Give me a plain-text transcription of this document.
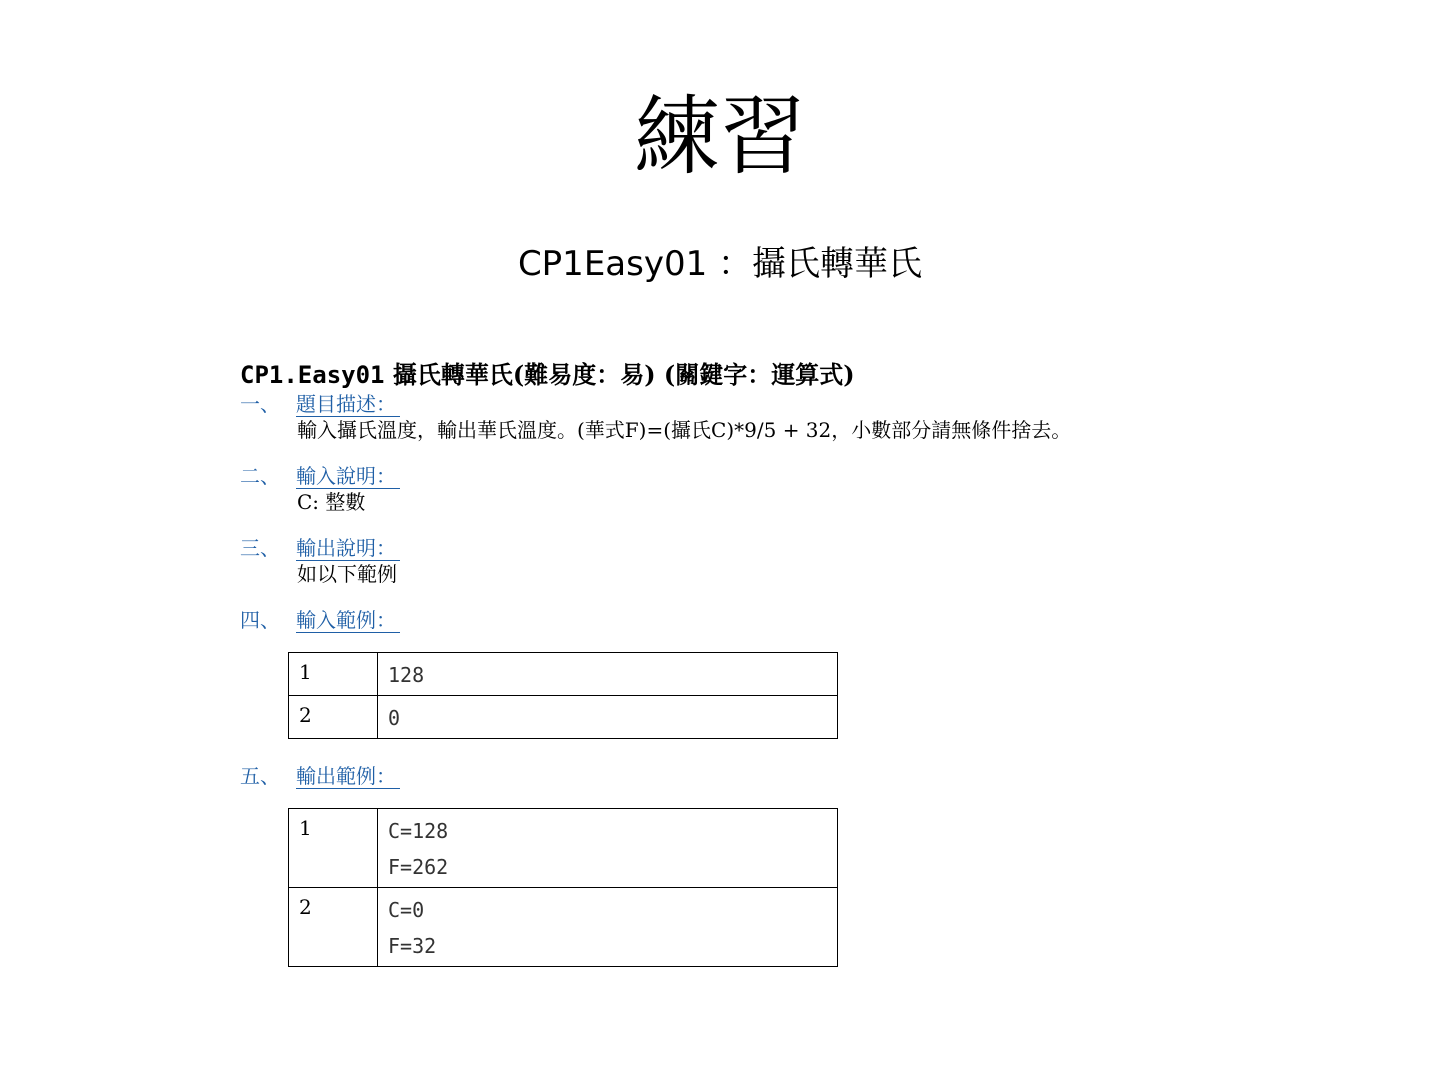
練習
CP1Easy01 ：攝氏轉華氏
CP1.Easy01 攝氏轉華氏(難易度：易) (關鍵字：運算式)
一、 題目描述：
輸入攝氏溫度，輸出華氏溫度。(華式F)=(攝氏C)*9/5 + 32，小數部分請無條件捨去。
二、 輸入說明：
C: 整數
三、 輸出說明：
如以下範例
四、 輸入範例：
1	128

2	0
五、 輸出範例：
1	C=128
F=262

2	C=0
F=32
